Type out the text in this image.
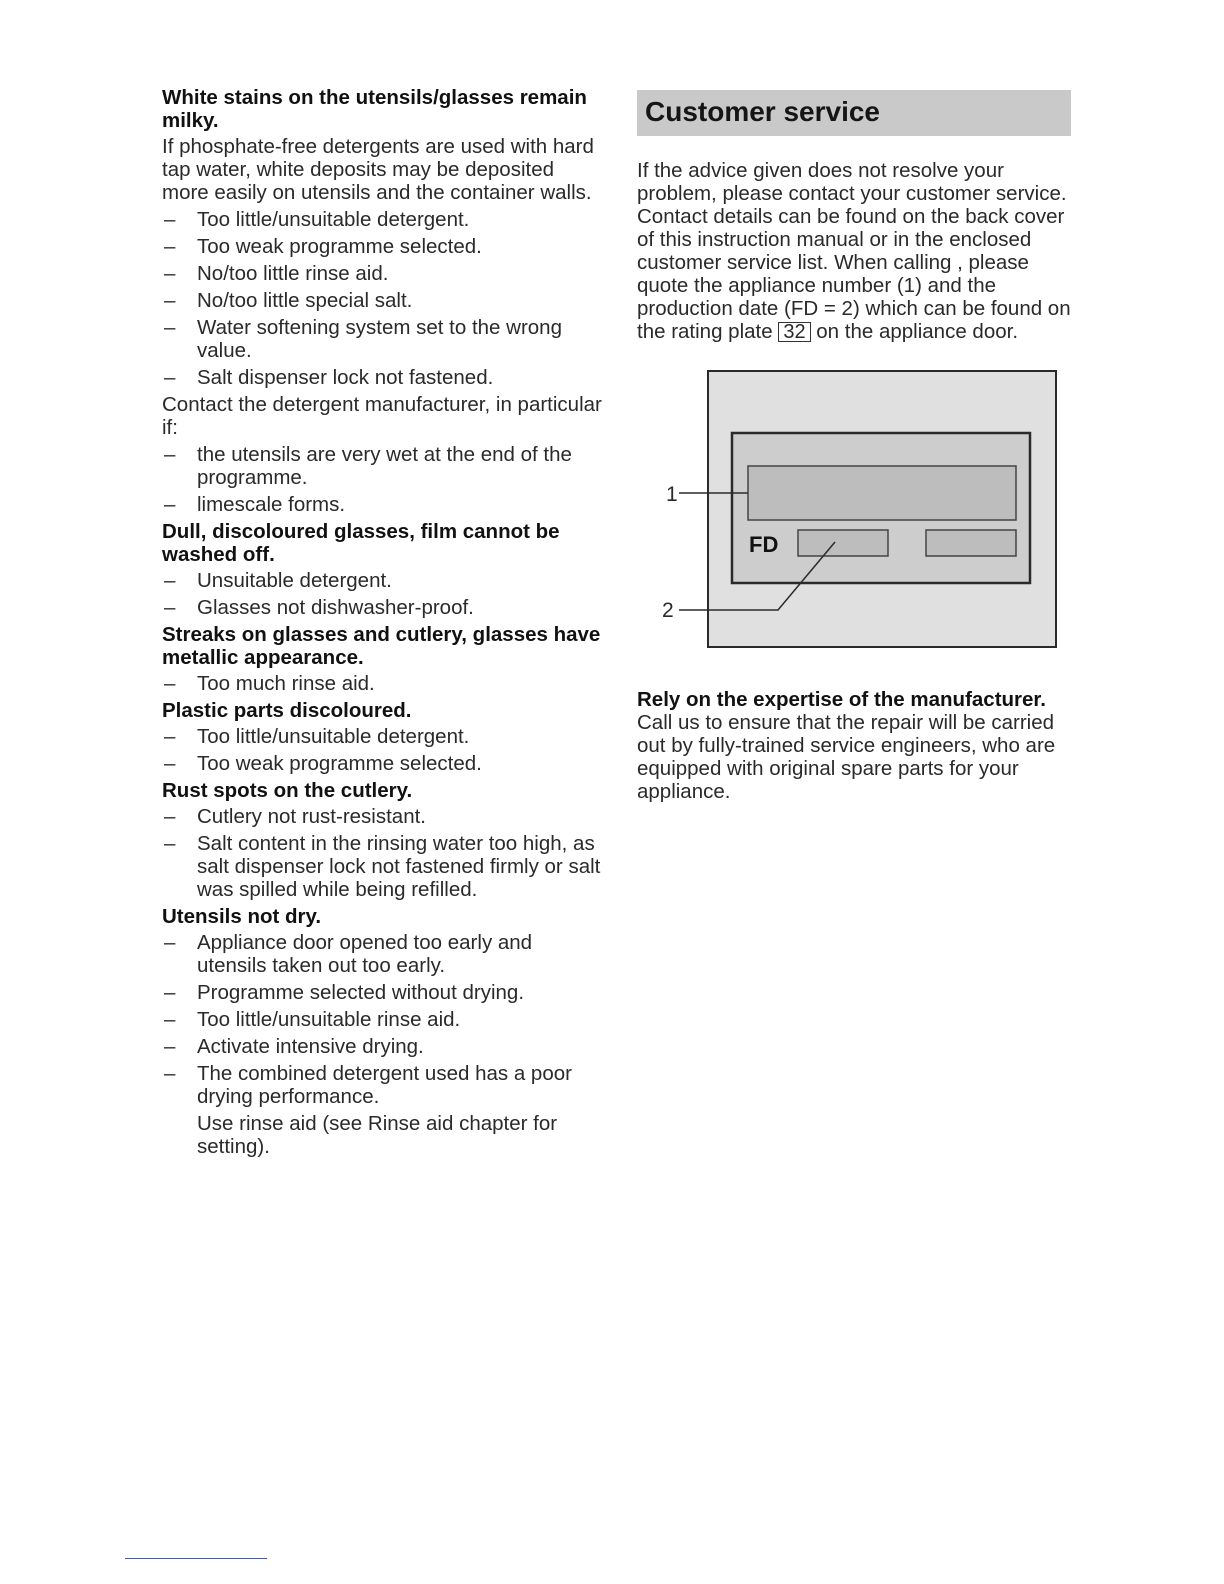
White stains on the utensils/glasses remain milky.

If phosphate-free detergents are used with hard tap water, white deposits may be deposited more easily on utensils and the container walls.

– Too little/unsuitable detergent.
– Too weak programme selected.
– No/too little rinse aid.
– No/too little special salt.
– Water softening system set to the wrong value.
– Salt dispenser lock not fastened.

Contact the detergent manufacturer, in particular if:

– the utensils are very wet at the end of the programme.
– limescale forms.

Dull, discoloured glasses, film cannot be washed off.

– Unsuitable detergent.
– Glasses not dishwasher-proof.

Streaks on glasses and cutlery, glasses have metallic appearance.

– Too much rinse aid.

Plastic parts discoloured.

– Too little/unsuitable detergent.
– Too weak programme selected.

Rust spots on the cutlery.

– Cutlery not rust-resistant.
– Salt content in the rinsing water too high, as salt dispenser lock not fastened firmly or salt was spilled while being refilled.

Utensils not dry.

– Appliance door opened too early and utensils taken out too early.
– Programme selected without drying.
– Too little/unsuitable rinse aid.
– Activate intensive drying.
– The combined detergent used has a poor drying performance.

Use rinse aid (see Rinse aid chapter for setting).

Customer service

If the advice given does not resolve your problem, please contact your customer service. Contact details can be found on the back cover of this instruction manual or in the enclosed customer service list. When calling , please quote the appliance number (1) and the production date (FD = 2) which can be found on the rating plate 32 on the appliance door.

FD
1
2

Rely on the expertise of the manufacturer. Call us to ensure that the repair will be carried out by fully-trained service engineers, who are equipped with original spare parts for your appliance.
